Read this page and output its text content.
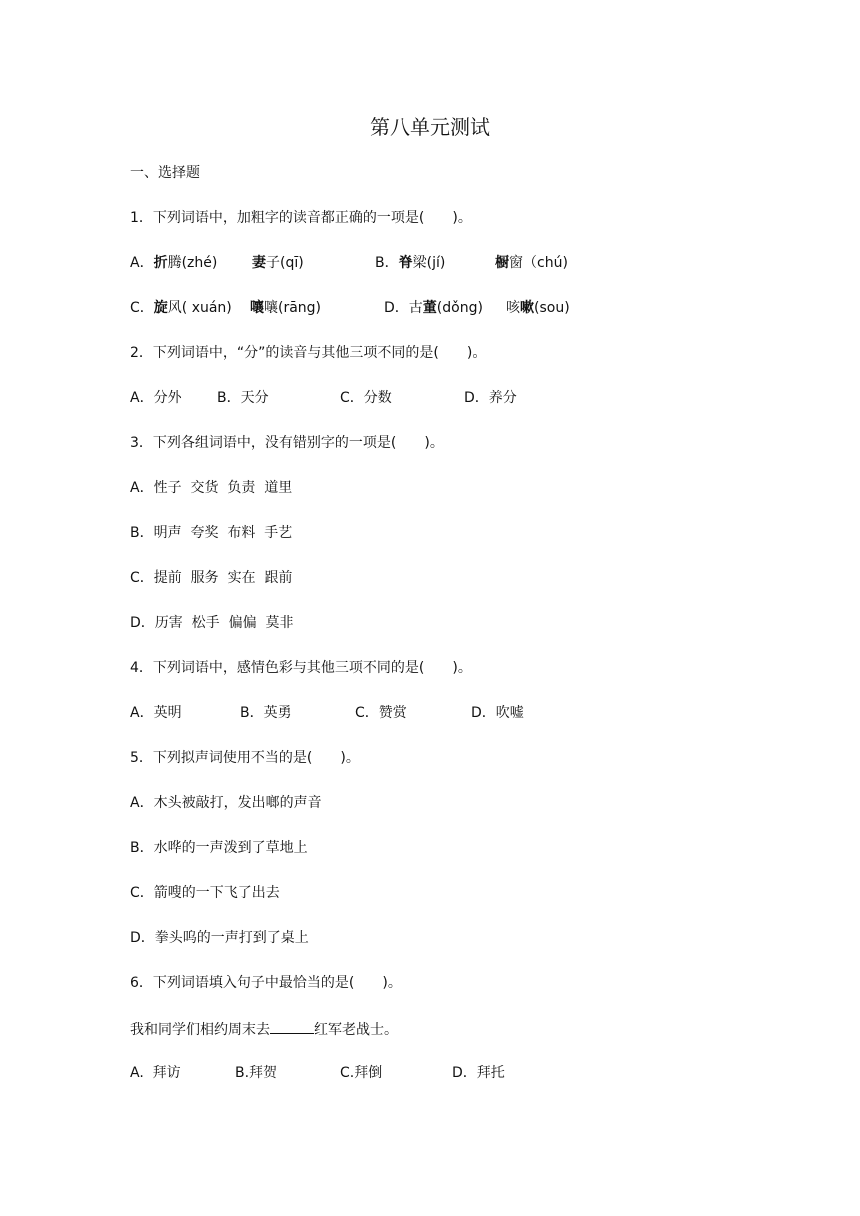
第八单元测试
一、选择题
1．下列词语中，加粗字的读音都正确的一项是(　　)。
A．折腾(zhé) 妻子(qī)	B．脊梁(jí)	橱窗（chú)
C．旋风( xuán) 嚷嚷(rāng)	D．古董(dǒng) 咳嗽(sou)
2．下列词语中，“分”的读音与其他三项不同的是(　　)。
A．分外	B．天分	C．分数	D．养分
3．下列各组词语中，没有错别字的一项是(　　)。
A．性子  交货  负责  道里
B．明声  夸奖  布料  手艺
C．提前  服务  实在  跟前
D．历害  松手  偏偏  莫非
4．下列词语中，感情色彩与其他三项不同的是(　　)。
A．英明	B．英勇	C．赞赏	D．吹嘘
5．下列拟声词使用不当的是(　　)。
A．木头被敲打，发出啷的声音
B．水哗的一声泼到了草地上
C．箭嗖的一下飞了出去
D．拳头呜的一声打到了桌上
6．下列词语填入句子中最恰当的是(　　)。
我和同学们相约周末去	红军老战士。
A.  拜访	B.拜贺	C.拜倒	D．拜托
